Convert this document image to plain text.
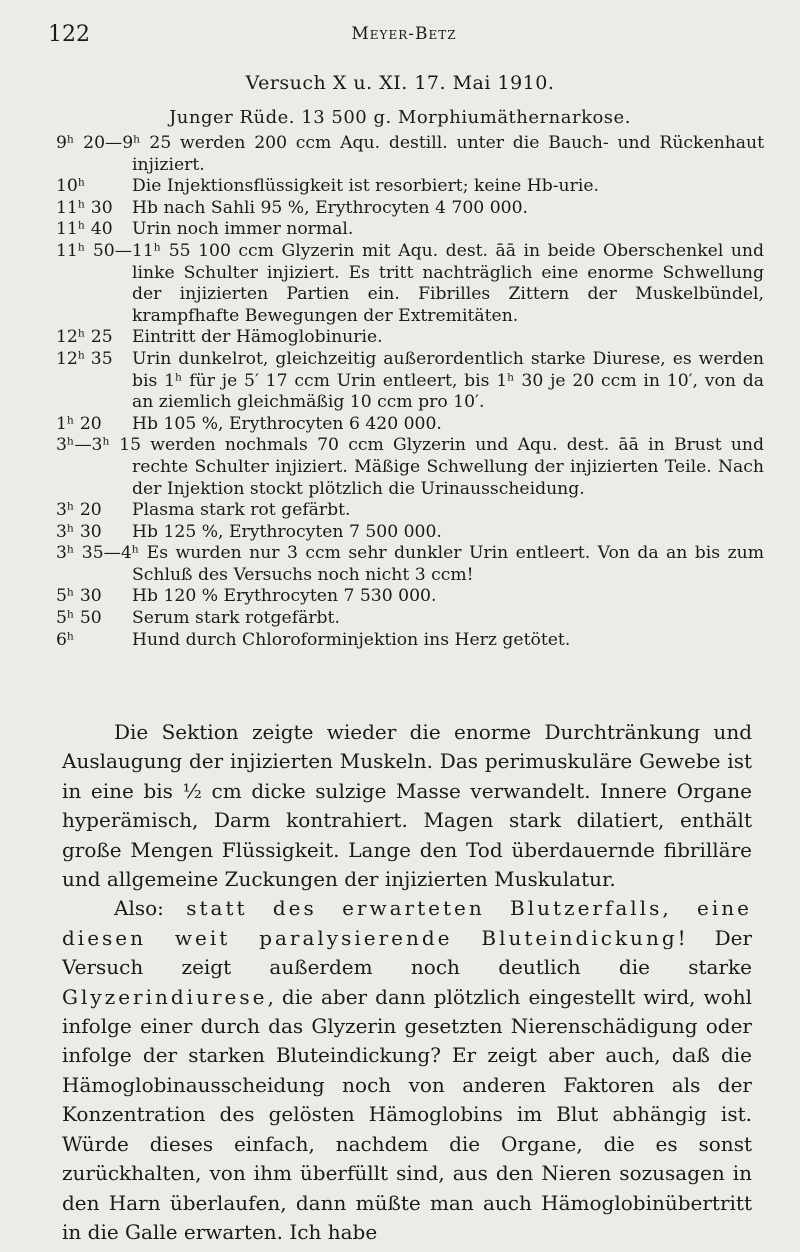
122	Meyer-Betz
Versuch X u. XI. 17. Mai 1910.
Junger Rüde. 13 500 g. Morphiumäthernarkose.
9ʰ 20—9ʰ 25 werden 200 ccm Aqu. destill. unter die Bauch- und Rückenhaut injiziert.
10ʰ	Die Injektionsflüssigkeit ist resorbiert; keine Hb-urie.
11ʰ 30 Hb nach Sahli 95 %, Erythrocyten 4 700 000.
11ʰ 40 Urin noch immer normal.
11ʰ 50—11ʰ 55 100 ccm Glyzerin mit Aqu. dest. āā in beide Oberschenkel und linke Schulter injiziert. Es tritt nachträglich eine enorme Schwellung der injizierten Partien ein. Fibrilles Zittern der Muskelbündel, krampfhafte Bewegungen der Extremitäten.
12ʰ 25 Eintritt der Hämoglobinurie.
12ʰ 35 Urin dunkelrot, gleichzeitig außerordentlich starke Diurese, es werden bis 1ʰ für je 5′ 17 ccm Urin entleert, bis 1ʰ 30 je 20 ccm in 10′, von da an ziemlich gleichmäßig 10 ccm pro 10′.
1ʰ 20 Hb 105 %, Erythrocyten 6 420 000.
3ʰ—3ʰ 15 werden nochmals 70 ccm Glyzerin und Aqu. dest. āā in Brust und rechte Schulter injiziert. Mäßige Schwellung der injizierten Teile. Nach der Injektion stockt plötzlich die Urinausscheidung.
3ʰ 20 Plasma stark rot gefärbt.
3ʰ 30 Hb 125 %, Erythrocyten 7 500 000.
3ʰ 35—4ʰ Es wurden nur 3 ccm sehr dunkler Urin entleert. Von da an bis zum Schluß des Versuchs noch nicht 3 ccm!
5ʰ 30 Hb 120 % Erythrocyten 7 530 000.
5ʰ 50 Serum stark rotgefärbt.
6ʰ	Hund durch Chloroforminjektion ins Herz getötet.

Die Sektion zeigte wieder die enorme Durchtränkung und Auslaugung der injizierten Muskeln. Das perimuskuläre Gewebe ist in eine bis ½ cm dicke sulzige Masse verwandelt. Innere Organe hyperämisch, Darm kontrahiert. Magen stark dilatiert, enthält große Mengen Flüssigkeit. Lange den Tod überdauernde fibrilläre und allgemeine Zuckungen der injizierten Muskulatur.

Also: statt des erwarteten Blutzerfalls, eine diesen weit paralysierende Bluteindickung! Der Versuch zeigt außerdem noch deutlich die starke Glyzerindiurese, die aber dann plötzlich eingestellt wird, wohl infolge einer durch das Glyzerin gesetzten Nierenschädigung oder infolge der starken Bluteindickung? Er zeigt aber auch, daß die Hämoglobinausscheidung noch von anderen Faktoren als der Konzentration des gelösten Hämoglobins im Blut abhängig ist. Würde dieses einfach, nachdem die Organe, die es sonst zurückhalten, von ihm überfüllt sind, aus den Nieren sozusagen in den Harn überlaufen, dann müßte man auch Hämoglobinübertritt in die Galle erwarten. Ich habe
